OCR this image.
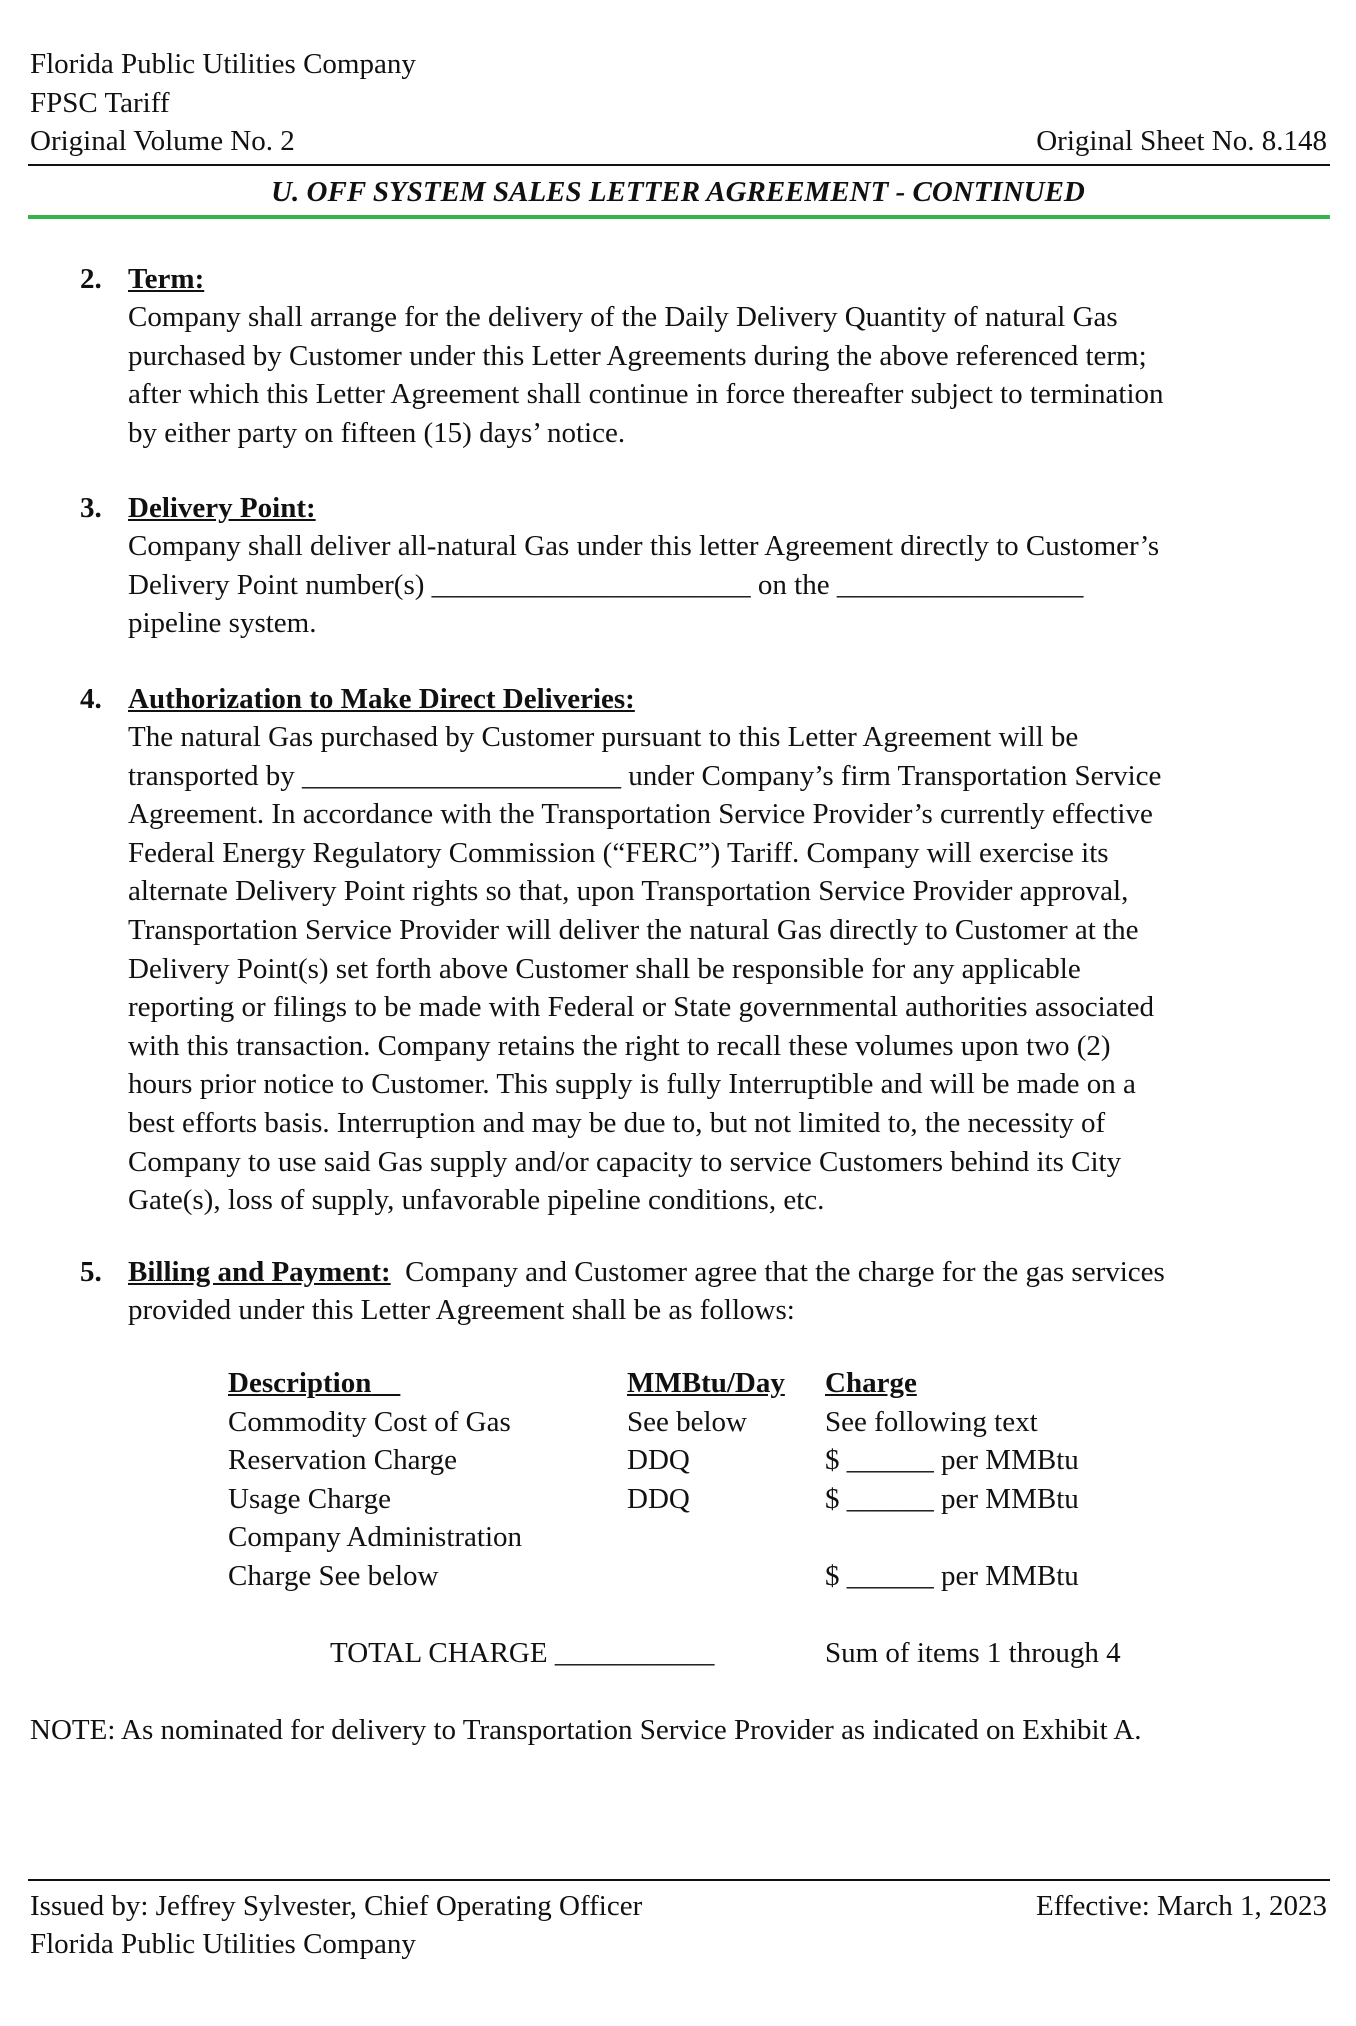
Florida Public Utilities Company
FPSC Tariff
Original Volume No. 2	Original Sheet No. 8.148
U. OFF SYSTEM SALES LETTER AGREEMENT - CONTINUED
2. Term:
Company shall arrange for the delivery of the Daily Delivery Quantity of natural Gas
purchased by Customer under this Letter Agreements during the above referenced term;
after which this Letter Agreement shall continue in force thereafter subject to termination
by either party on fifteen (15) days’ notice.
3. Delivery Point:
Company shall deliver all-natural Gas under this letter Agreement directly to Customer’s
Delivery Point number(s) ______________________ on the _________________
pipeline system.
4. Authorization to Make Direct Deliveries:
The natural Gas purchased by Customer pursuant to this Letter Agreement will be
transported by ______________________ under Company’s firm Transportation Service
Agreement. In accordance with the Transportation Service Provider’s currently effective
Federal Energy Regulatory Commission (“FERC”) Tariff. Company will exercise its
alternate Delivery Point rights so that, upon Transportation Service Provider approval,
Transportation Service Provider will deliver the natural Gas directly to Customer at the
Delivery Point(s) set forth above Customer shall be responsible for any applicable
reporting or filings to be made with Federal or State governmental authorities associated
with this transaction. Company retains the right to recall these volumes upon two (2)
hours prior notice to Customer. This supply is fully Interruptible and will be made on a
best efforts basis. Interruption and may be due to, but not limited to, the necessity of
Company to use said Gas supply and/or capacity to service Customers behind its City
Gate(s), loss of supply, unfavorable pipeline conditions, etc.
5. Billing and Payment: Company and Customer agree that the charge for the gas services
provided under this Letter Agreement shall be as follows:
Description	MMBtu/Day	Charge
Commodity Cost of Gas	See below	See following text
Reservation Charge	DDQ	$ ______ per MMBtu
Usage Charge	DDQ	$ ______ per MMBtu
Company Administration		
Charge See below		$ ______ per MMBtu
TOTAL CHARGE ___________	Sum of items 1 through 4
NOTE: As nominated for delivery to Transportation Service Provider as indicated on Exhibit A.
Issued by: Jeffrey Sylvester, Chief Operating Officer	Effective: March 1, 2023
Florida Public Utilities Company
